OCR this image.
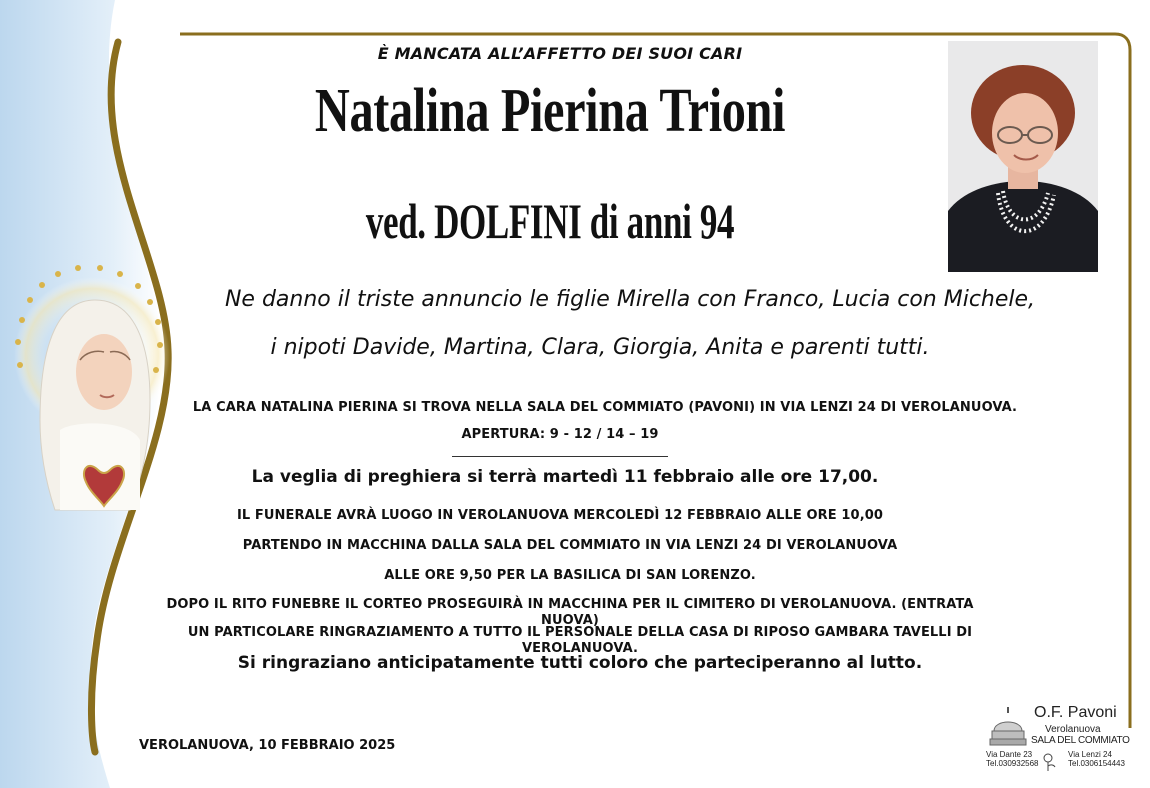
È MANCATA ALL’AFFETTO DEI SUOI CARI
Natalina Pierina Trioni
ved. DOLFINI di anni 94
Ne danno il triste annuncio le figlie Mirella con Franco, Lucia con Michele,
i nipoti Davide, Martina, Clara, Giorgia, Anita e parenti tutti.
LA CARA NATALINA PIERINA SI TROVA NELLA SALA DEL COMMIATO (PAVONI) IN VIA LENZI 24 DI VEROLANUOVA.
APERTURA: 9 - 12 / 14 – 19
La veglia di preghiera si terrà martedì 11 febbraio alle ore 17,00.
IL FUNERALE AVRÀ LUOGO IN VEROLANUOVA MERCOLEDÌ 12 FEBBRAIO ALLE ORE 10,00
PARTENDO IN MACCHINA DALLA SALA DEL COMMIATO IN VIA LENZI 24 DI VEROLANUOVA
ALLE ORE 9,50 PER LA BASILICA DI SAN LORENZO.
DOPO IL RITO FUNEBRE IL CORTEO PROSEGUIRÀ IN MACCHINA PER IL CIMITERO DI VEROLANUOVA. (ENTRATA NUOVA)
UN PARTICOLARE RINGRAZIAMENTO A TUTTO IL PERSONALE DELLA CASA DI RIPOSO GAMBARA TAVELLI DI VEROLANUOVA.
Si ringraziano anticipatamente tutti coloro che parteciperanno al lutto.
VEROLANUOVA, 10 FEBBRAIO 2025
O.F. Pavoni
Verolanuova
SALA DEL COMMIATO
Via Dante 23
Tel.030932568
Via Lenzi 24
Tel.0306154443
